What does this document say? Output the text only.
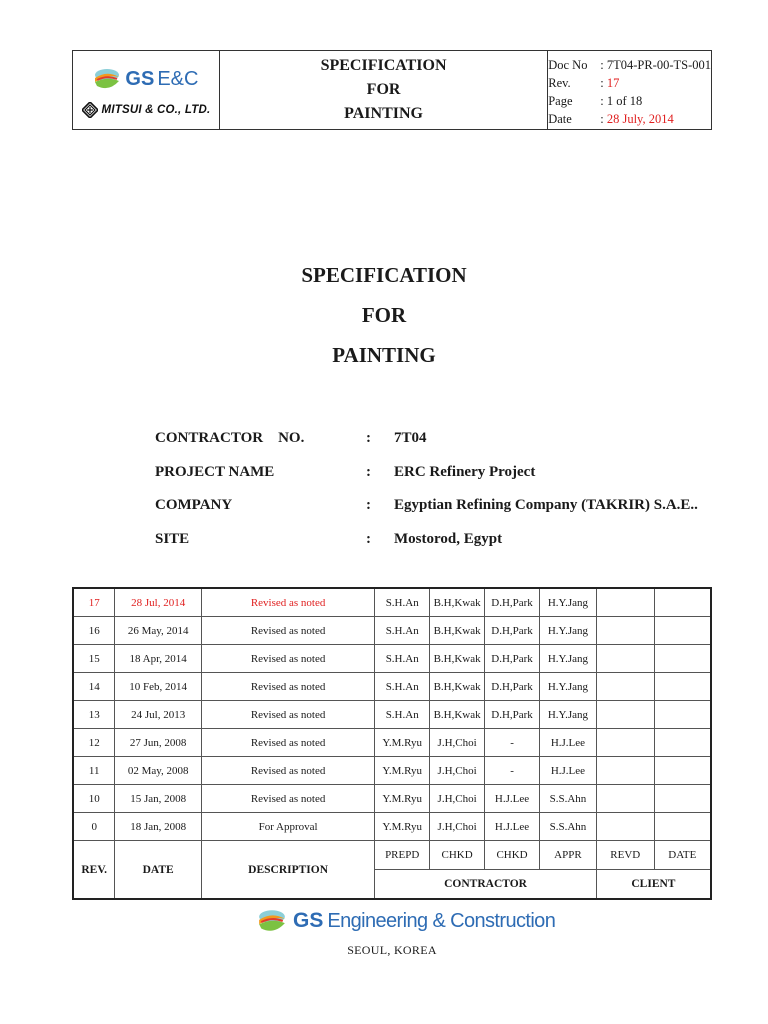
GS E&C
MITSUI & CO., LTD.
SPECIFICATION
FOR
PAINTING
Doc No	: 7T04-PR-00-TS-001
Rev.	: 17
Page	: 1 of 18
Date	: 28 July, 2014
SPECIFICATION
FOR
PAINTING
CONTRACTOR    NO.	:	7T04
PROJECT NAME	:	ERC Refinery Project
COMPANY	:	Egyptian Refining Company (TAKRIR) S.A.E..
SITE	:	Mostorod, Egypt
17	28 Jul, 2014	Revised as noted	S.H.An	B.H,Kwak	D.H,Park	H.Y.Jang		
16	26 May, 2014	Revised as noted	S.H.An	B.H,Kwak	D.H,Park	H.Y.Jang		
15	18 Apr, 2014	Revised as noted	S.H.An	B.H,Kwak	D.H,Park	H.Y.Jang		
14	10 Feb, 2014	Revised as noted	S.H.An	B.H,Kwak	D.H,Park	H.Y.Jang		
13	24 Jul, 2013	Revised as noted	S.H.An	B.H,Kwak	D.H,Park	H.Y.Jang		
12	27 Jun, 2008	Revised as noted	Y.M.Ryu	J.H,Choi	-	H.J.Lee		
11	02 May, 2008	Revised as noted	Y.M.Ryu	J.H,Choi	-	H.J.Lee		
10	15 Jan, 2008	Revised as noted	Y.M.Ryu	J.H,Choi	H.J.Lee	S.S.Ahn		
0	18 Jan, 2008	For Approval	Y.M.Ryu	J.H,Choi	H.J.Lee	S.S.Ahn		
REV.	DATE	DESCRIPTION	PREPD	CHKD	CHKD	APPR	REVD	DATE
			CONTRACTOR				CLIENT	
GS Engineering & Construction
SEOUL, KOREA
